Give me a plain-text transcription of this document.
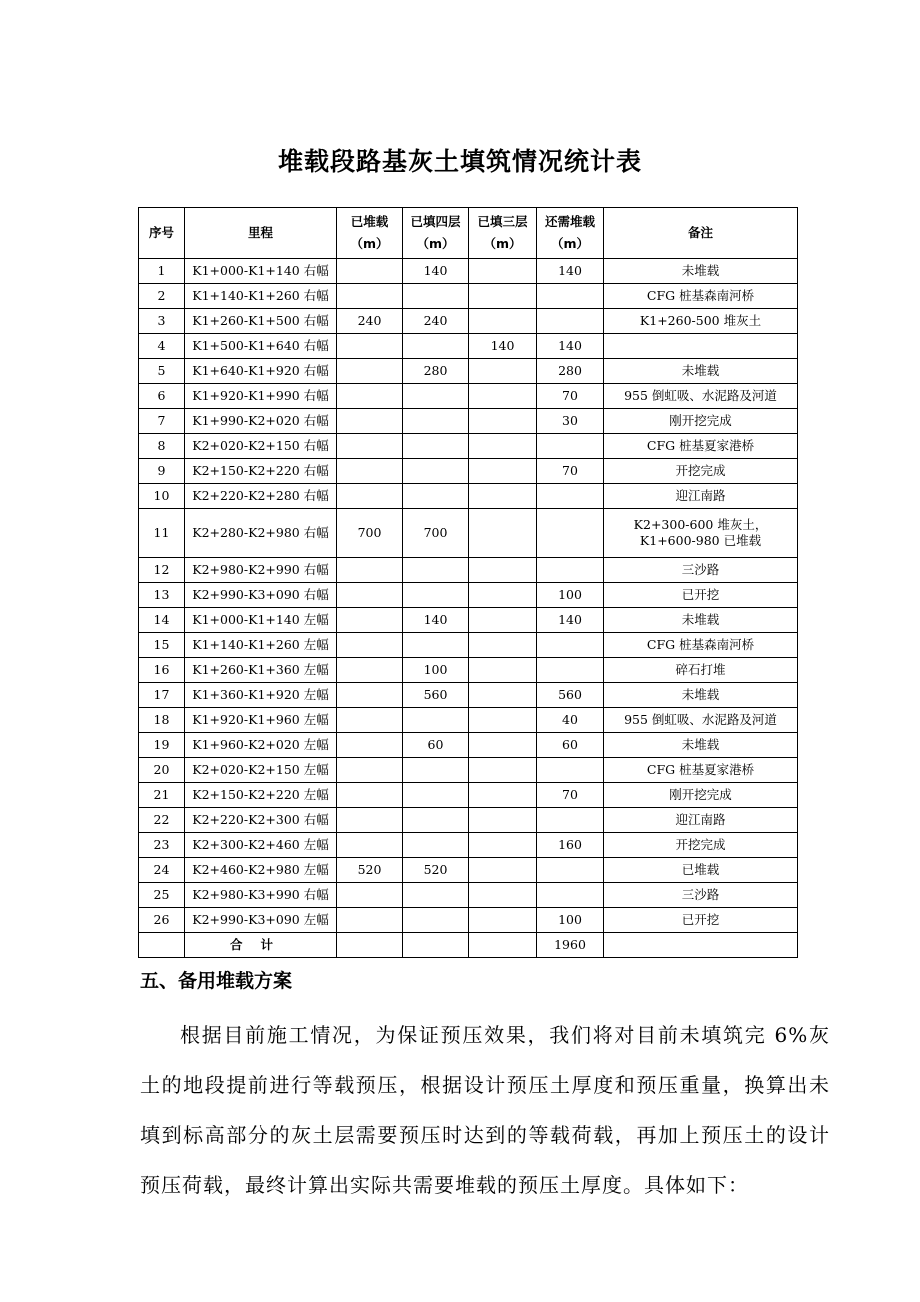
堆载段路基灰土填筑情况统计表
序号	里程	已堆载（m）	已填四层（m）	已填三层（m）	还需堆载（m）	备注
1	K1+000-K1+140 右幅		140		140	未堆载
2	K1+140-K1+260 右幅					CFG 桩基森南河桥
3	K1+260-K1+500 右幅	240	240			K1+260-500 堆灰土
4	K1+500-K1+640 右幅			140	140	
5	K1+640-K1+920 右幅		280		280	未堆载
6	K1+920-K1+990 右幅				70	955 倒虹吸、水泥路及河道
7	K1+990-K2+020 右幅				30	刚开挖完成
8	K2+020-K2+150 右幅					CFG 桩基夏家港桥
9	K2+150-K2+220 右幅				70	开挖完成
10	K2+220-K2+280 右幅					迎江南路
11	K2+280-K2+980 右幅	700	700			K2+300-600 堆灰土，
K1+600-980 已堆载
12	K2+980-K2+990 右幅					三沙路
13	K2+990-K3+090 右幅				100	已开挖
14	K1+000-K1+140 左幅		140		140	未堆载
15	K1+140-K1+260 左幅					CFG 桩基森南河桥
16	K1+260-K1+360 左幅		100			碎石打堆
17	K1+360-K1+920 左幅		560		560	未堆载
18	K1+920-K1+960 左幅				40	955 倒虹吸、水泥路及河道
19	K1+960-K2+020 左幅		60		60	未堆载
20	K2+020-K2+150 左幅					CFG 桩基夏家港桥
21	K2+150-K2+220 左幅				70	刚开挖完成
22	K2+220-K2+300 右幅					迎江南路
23	K2+300-K2+460 左幅				160	开挖完成
24	K2+460-K2+980 左幅	520	520			已堆载
25	K2+980-K3+990 右幅					三沙路
26	K2+990-K3+090 左幅				100	已开挖
	合计				1960	
五、备用堆载方案

根据目前施工情况，为保证预压效果，我们将对目前未填筑完 6%灰土的地段提前进行等载预压，根据设计预压土厚度和预压重量，换算出未填到标高部分的灰土层需要预压时达到的等载荷载，再加上预压土的设计预压荷载，最终计算出实际共需要堆载的预压土厚度。具体如下：
